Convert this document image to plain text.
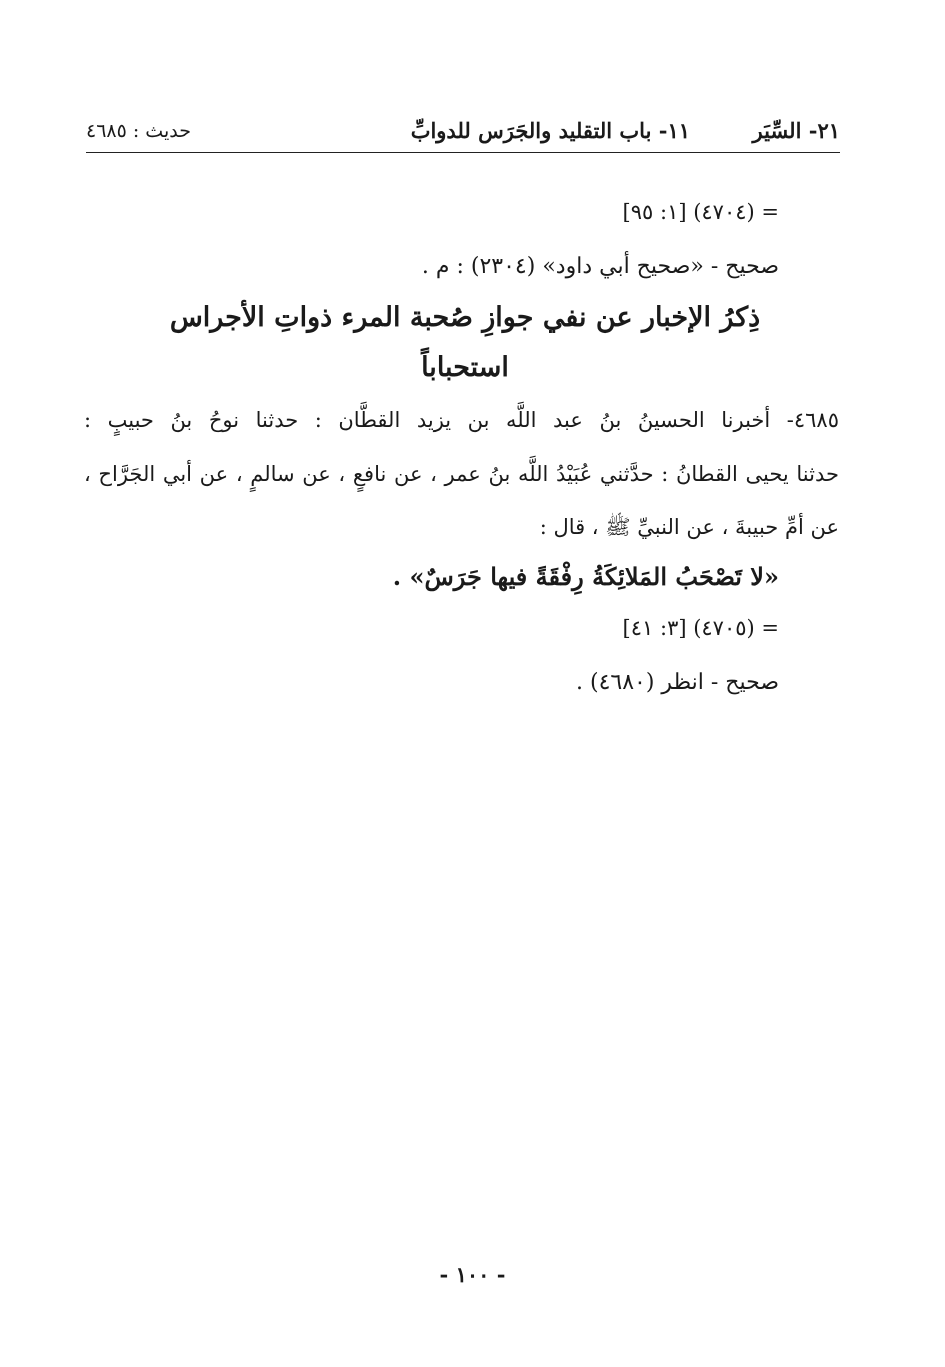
٢١- السِّيَر
١١- باب التقليد والجَرَس للدوابِّ
حديث : ٤٦٨٥
= (٤٧٠٤) [١: ٩٥]
صحيح - «صحيح أبي داود» (٢٣٠٤) : م .
ذِكرُ الإخبار عن نفي جوازِ صُحبة المرء ذواتِ الأجراس
استحباباً
٤٦٨٥- أخبرنا الحسينُ بنُ عبد اللَّه بن يزيد القطَّان : حدثنا نوحُ بنُ حبيبٍ :
حدثنا يحيى القطانُ : حدَّثني عُبَيْدُ اللَّه بنُ عمر ، عن نافعٍ ، عن سالمٍ ، عن أبي الجَرَّاح ،
عن أمِّ حبيبةَ ، عن النبيِّ ﷺ ، قال :
«لا تَصْحَبُ المَلائِكَةُ رِفْقَةً فيها جَرَسٌ» .
= (٤٧٠٥) [٣: ٤١]
صحيح - انظر (٤٦٨٠) .
- ١٠٠ -
